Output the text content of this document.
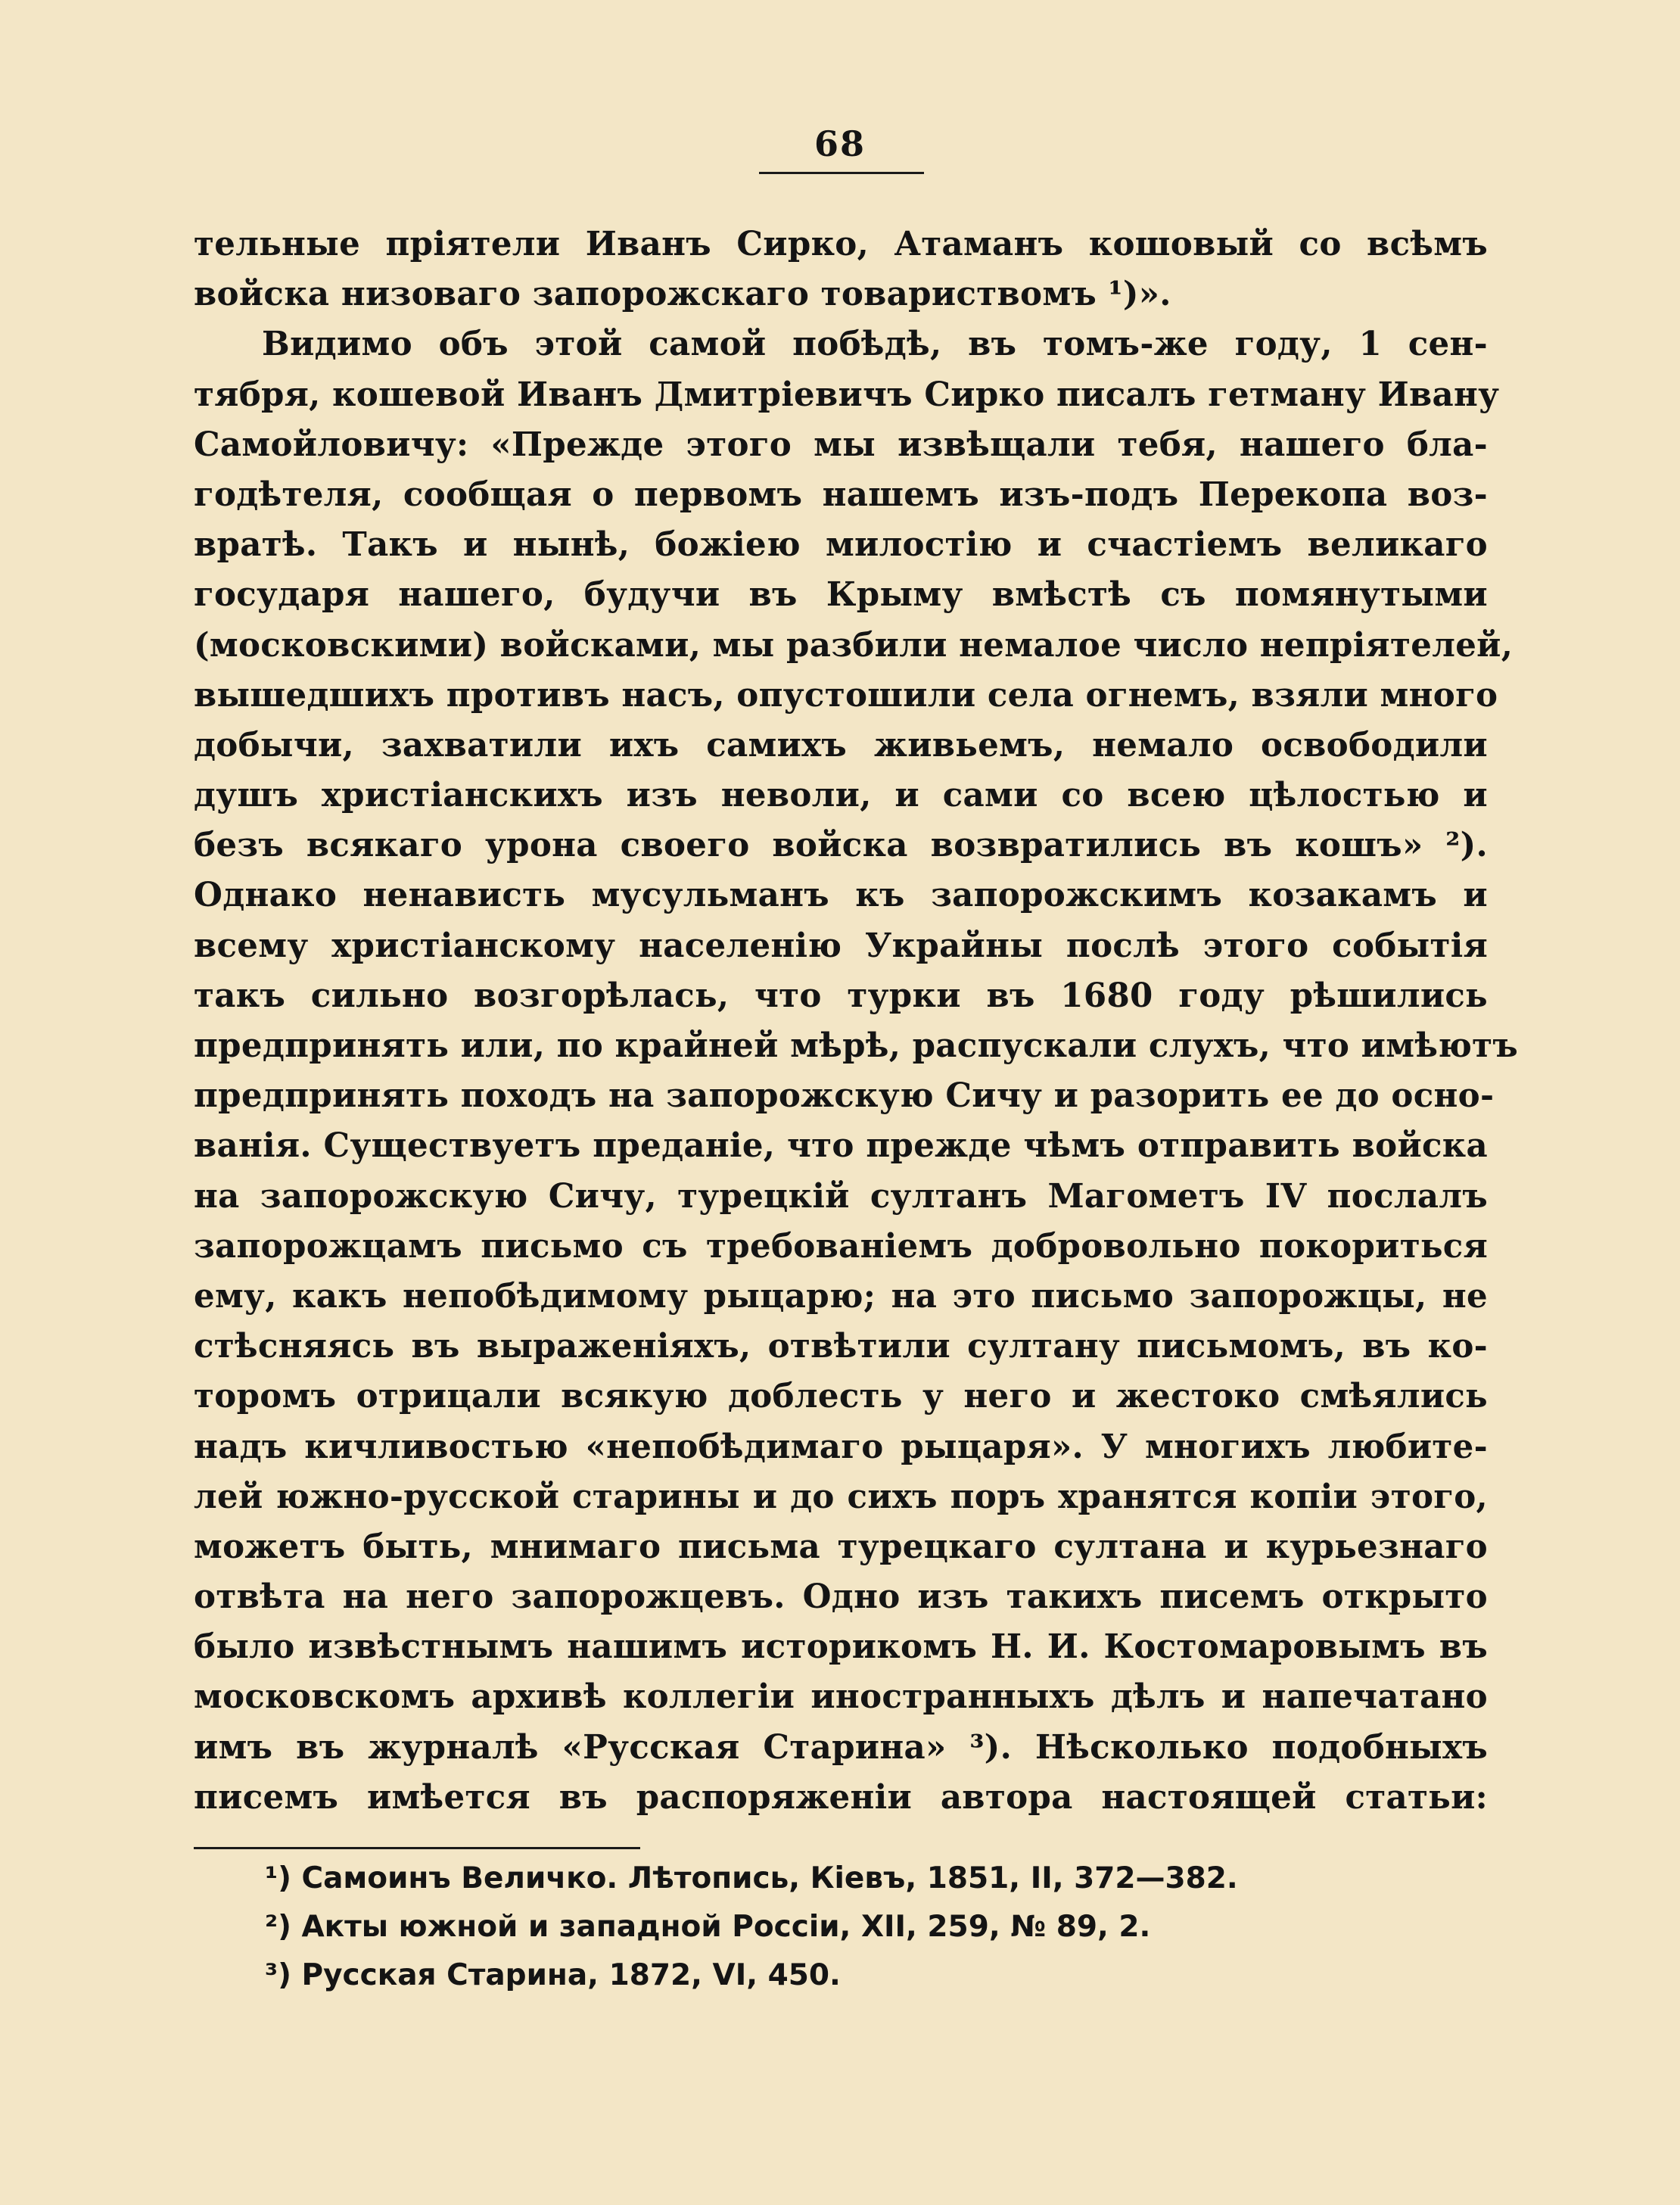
68
тельные пріятели Иванъ Сирко, Атаманъ кошовый со всѣмъ
войска низоваго запорожскаго товариствомъ ¹)».
Видимо объ этой самой побѣдѣ, въ томъ-же году, 1 сен-
тября, кошевой Иванъ Дмитріевичъ Сирко писалъ гетману Ивану
Самойловичу: «Прежде этого мы извѣщали тебя, нашего бла-
годѣтеля, сообщая о первомъ нашемъ изъ-подъ Перекопа воз-
вратѣ. Такъ и нынѣ, божіею милостію и счастіемъ великаго
государя нашего, будучи въ Крыму вмѣстѣ съ помянутыми
(московскими) войсками, мы разбили немалое число непріятелей,
вышедшихъ противъ насъ, опустошили села огнемъ, взяли много
добычи, захватили ихъ самихъ живьемъ, немало освободили
душъ христіанскихъ изъ неволи, и сами со всею цѣлостью и
безъ всякаго урона своего войска возвратились въ кошъ» ²).
Однако ненависть мусульманъ къ запорожскимъ козакамъ и
всему христіанскому населенію Украйны послѣ этого событія
такъ сильно возгорѣлась, что турки въ 1680 году рѣшились
предпринять или, по крайней мѣрѣ, распускали слухъ, что имѣютъ
предпринять походъ на запорожскую Сичу и разорить ее до осно-
ванія. Существуетъ преданіе, что прежде чѣмъ отправить войска
на запорожскую Сичу, турецкій султанъ Магометъ IV послалъ
запорожцамъ письмо съ требованіемъ добровольно покориться
ему, какъ непобѣдимому рыцарю; на это письмо запорожцы, не
стѣсняясь въ выраженіяхъ, отвѣтили султану письмомъ, въ ко-
торомъ отрицали всякую доблесть у него и жестоко смѣялись
надъ кичливостью «непобѣдимаго рыцаря». У многихъ любите-
лей южно-русской старины и до сихъ поръ хранятся копіи этого,
можетъ быть, мнимаго письма турецкаго султана и курьезнаго
отвѣта на него запорожцевъ. Одно изъ такихъ писемъ открыто
было извѣстнымъ нашимъ историкомъ Н. И. Костомаровымъ въ
московскомъ архивѣ коллегіи иностранныхъ дѣлъ и напечатано
имъ въ журналѣ «Русская Старина» ³). Нѣсколько подобныхъ
писемъ имѣется въ распоряженіи автора настоящей статьи:
¹) Самоинъ Величко. Лѣтопись, Кіевъ, 1851, II, 372—382.
²) Акты южной и западной Россіи, XII, 259, № 89, 2.
³) Русская Старина, 1872, VI, 450.
